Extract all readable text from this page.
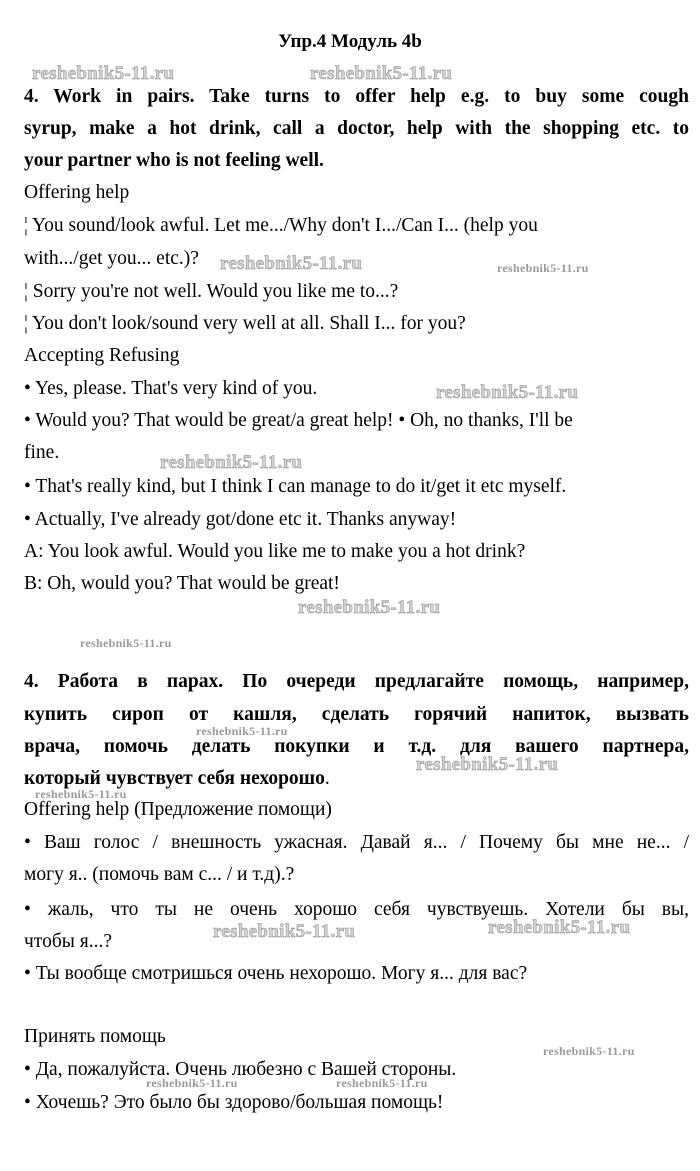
Упр.4 Модуль 4b

4. Work in pairs. Take turns to offer help e.g. to buy some cough

syrup, make a hot drink, call a doctor, help with the shopping etc. to

your partner who is not feeling well.

Offering help

¦ You sound/look awful. Let me.../Why don't I.../Can I... (help you

with.../get you... etc.)?

¦ Sorry you're not well. Would you like me to...?

¦ You don't look/sound very well at all. Shall I... for you?

Accepting Refusing

• Yes, please. That's very kind of you.

• Would you? That would be great/a great help! • Oh, no thanks, I'll be

fine.

• That's really kind, but I think I can manage to do it/get it etc myself.

• Actually, I've already got/done etc it. Thanks anyway!

A: You look awful. Would you like me to make you a hot drink?

B: Oh, would you? That would be great!

4. Работа в парах. По очереди предлагайте помощь, например,

купить сироп от кашля, сделать горячий напиток, вызвать

врача, помочь делать покупки и т.д. для вашего партнера,

который чувствует себя нехорошо.

Offering help (Предложение помощи)

• Ваш голос / внешность ужасная. Давай я... / Почему бы мне не... /

могу я.. (помочь вам с... / и т.д).?

• жаль, что ты не очень хорошо себя чувствуешь. Хотели бы вы,

чтобы я...?

• Ты вообще смотришься очень нехорошо. Могу я... для вас?

Принять помощь

• Да, пожалуйста. Очень любезно с Вашей стороны.

• Хочешь? Это было бы здорово/большая помощь!

reshebnik5-11.ru	reshebnik5-11.ru
reshebnik5-11.ru	reshebnik5-11.ru
reshebnik5-11.ru
reshebnik5-11.ru
reshebnik5-11.ru
reshebnik5-11.ru
reshebnik5-11.ru
reshebnik5-11.ru
reshebnik5-11.ru
reshebnik5-11.ru	reshebnik5-11.ru
reshebnik5-11.ru
reshebnik5-11.ru	reshebnik5-11.ru
